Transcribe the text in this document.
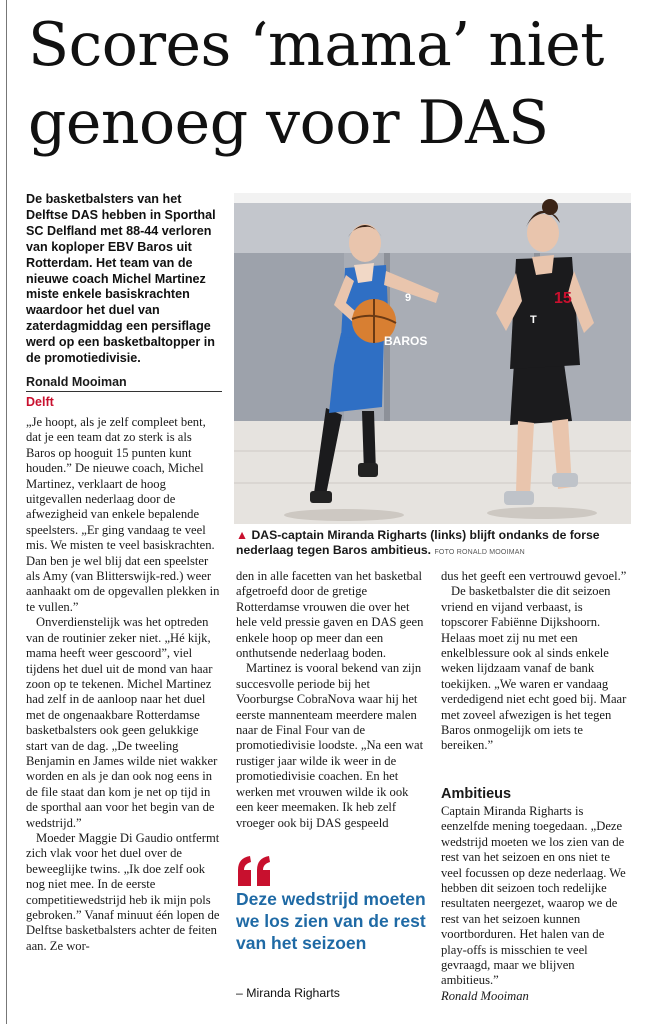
Scores ‘mama’ niet genoeg voor DAS

De basketbalsters van het Delftse DAS hebben in Sporthal SC Delfland met 88-44 verloren van koploper EBV Baros uit Rotterdam. Het team van de nieuwe coach Michel Martinez miste enkele basiskrachten waardoor het duel van zaterdagmiddag een persiflage werd op een basketbaltopper in de promotiedivisie.

Ronald Mooiman
Delft

„Je hoopt, als je zelf compleet bent, dat je een team dat zo sterk is als Baros op hooguit 15 punten kunt houden.” De nieuwe coach, Michel Martinez, verklaart de hoog uitgevallen nederlaag door de afwezigheid van enkele bepalende speelsters. „Er ging vandaag te veel mis. We misten te veel basiskrachten. Dan ben je wel blij dat een speelster als Amy (van Blitterswijk-red.) weer aanhaakt om de opgevallen plekken in te vullen.”

Onverdienstelijk was het optreden van de routinier zeker niet. „Hé kijk, mama heeft weer gescoord”, viel tijdens het duel uit de mond van haar zoon op te tekenen. Michel Martinez had zelf in de aanloop naar het duel met de ongenaakbare Rotterdamse basketbalsters ook geen gelukkige start van de dag. „De tweeling Benjamin en James wilde niet wakker worden en als je dan ook nog eens in de file staat dan kom je net op tijd in de sporthal aan voor het begin van de wedstrijd.”

Moeder Maggie Di Gaudio ontfermt zich vlak voor het duel over de beweeglijke twins. „Ik doe zelf ook nog niet mee. In de eerste competitiewedstrijd heb ik mijn pols gebroken.” Vanaf minuut één lopen de Delftse basketbalsters achter de feiten aan. Ze wor-

9
BAROS
T
15
▲ DAS-captain Miranda Righarts (links) blijft ondanks de forse nederlaag tegen Baros ambitieus. FOTO RONALD MOOIMAN

den in alle facetten van het basketbal afgetroefd door de gretige Rotterdamse vrouwen die over het hele veld pressie gaven en DAS geen enkele hoop op meer dan een onthutsende nederlaag boden.

Martinez is vooral bekend van zijn succesvolle periode bij het Voorburgse CobraNova waar hij het eerste mannenteam meerdere malen naar de Final Four van de promotiedivisie loodste. „Na een wat rustiger jaar wilde ik weer in de promotiedivisie coachen. En het werken met vrouwen wilde ik ook een keer meemaken. Ik heb zelf vroeger ook bij DAS gespeeld

Deze wedstrijd moeten we los zien van de rest van het seizoen

– Miranda Righarts

dus het geeft een vertrouwd gevoel.”

De basketbalster die dit seizoen vriend en vijand verbaast, is topscorer Fabiënne Dijkshoorn. Helaas moet zij nu met een enkelblessure ook al sinds enkele weken lijdzaam vanaf de bank toekijken. „We waren er vandaag verdedigend niet echt goed bij. Maar met zoveel afwezigen is het tegen Baros onmogelijk om iets te bereiken.”

Ambitieus

Captain Miranda Righarts is eenzelfde mening toegedaan. „Deze wedstrijd moeten we los zien van de rest van het seizoen en ons niet te veel focussen op deze nederlaag. We hebben dit seizoen toch redelijke resultaten neergezet, waarop we de rest van het seizoen kunnen voortborduren. Het halen van de play-offs is misschien te veel gevraagd, maar we blijven ambitieus.”

Ronald Mooiman
